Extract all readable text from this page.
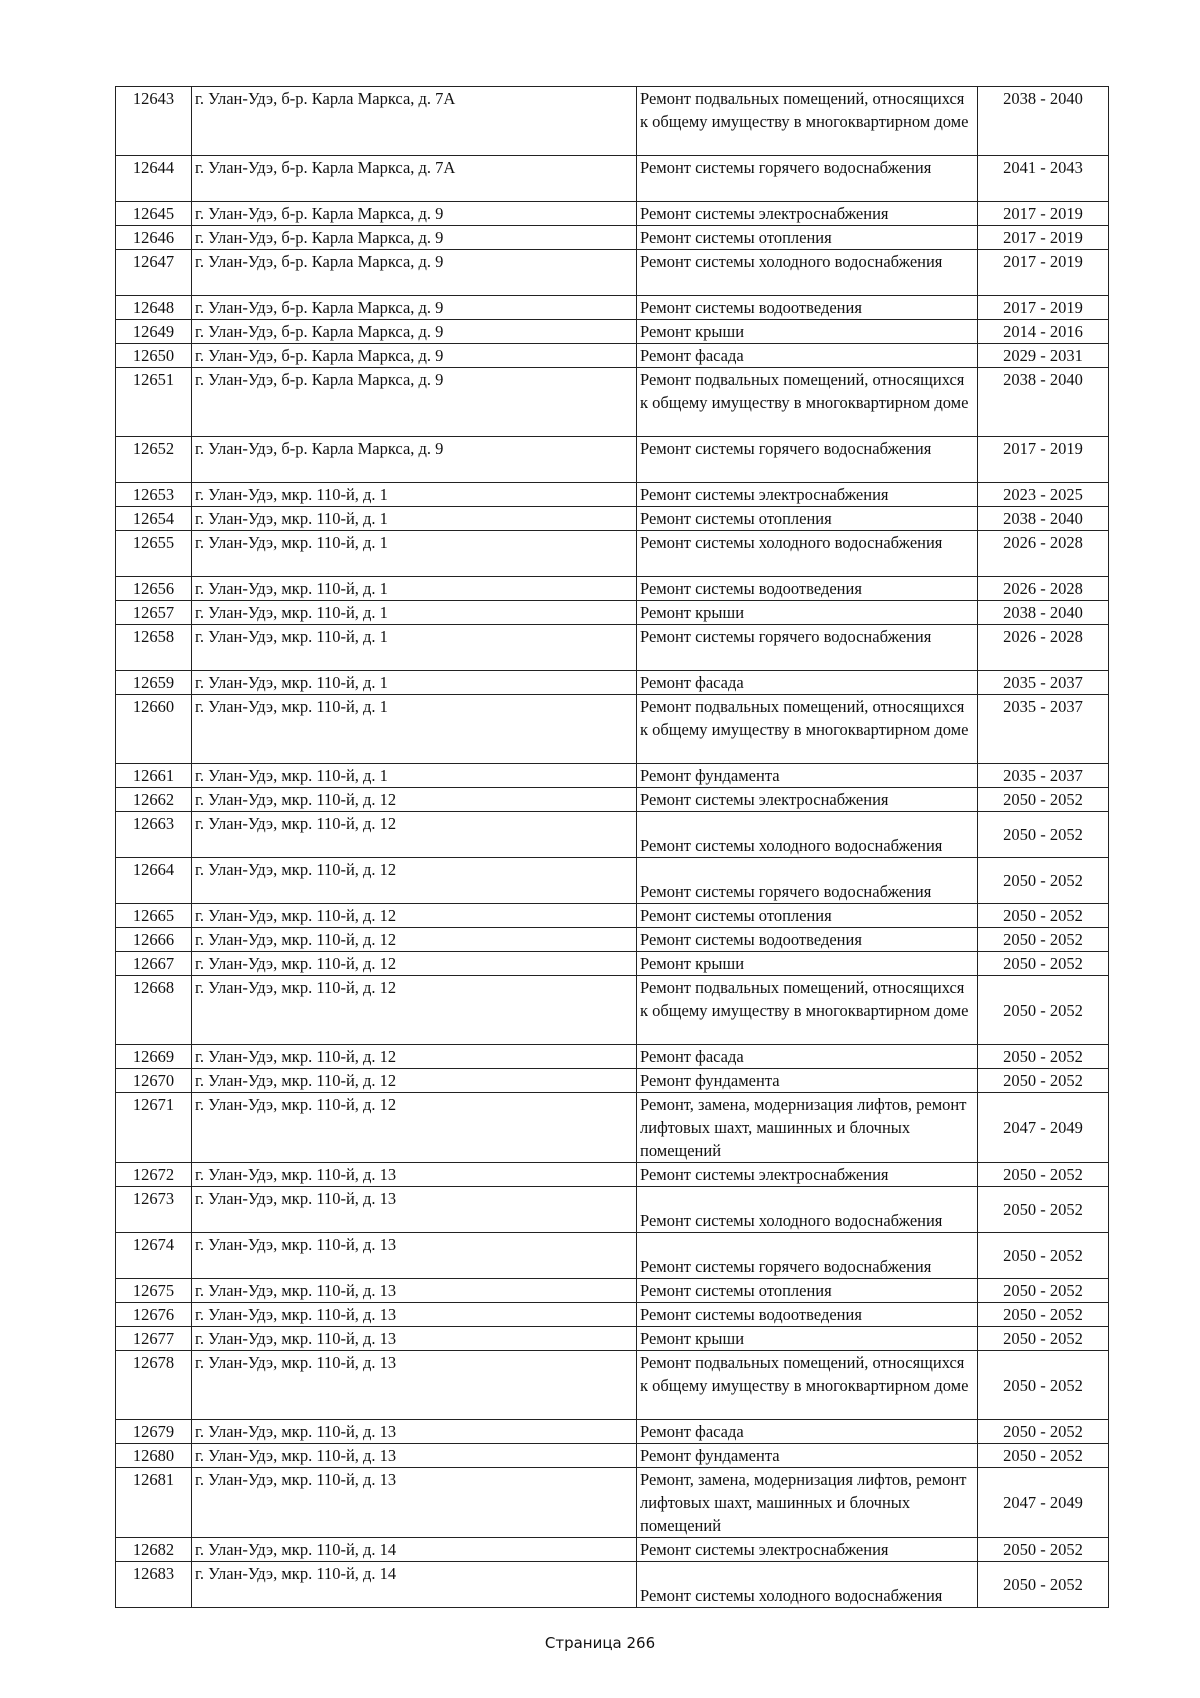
12643	г. Улан-Удэ, б-р. Карла Маркса, д. 7А	Ремонт подвальных помещений, относящихся к общему имуществу в многоквартирном доме	2038 - 2040
12644	г. Улан-Удэ, б-р. Карла Маркса, д. 7А	Ремонт системы горячего водоснабжения	2041 - 2043
12645	г. Улан-Удэ, б-р. Карла Маркса, д. 9	Ремонт системы электроснабжения	2017 - 2019
12646	г. Улан-Удэ, б-р. Карла Маркса, д. 9	Ремонт системы отопления	2017 - 2019
12647	г. Улан-Удэ, б-р. Карла Маркса, д. 9	Ремонт системы холодного водоснабжения	2017 - 2019
12648	г. Улан-Удэ, б-р. Карла Маркса, д. 9	Ремонт системы водоотведения	2017 - 2019
12649	г. Улан-Удэ, б-р. Карла Маркса, д. 9	Ремонт крыши	2014 - 2016
12650	г. Улан-Удэ, б-р. Карла Маркса, д. 9	Ремонт фасада	2029 - 2031
12651	г. Улан-Удэ, б-р. Карла Маркса, д. 9	Ремонт подвальных помещений, относящихся к общему имуществу в многоквартирном доме	2038 - 2040
12652	г. Улан-Удэ, б-р. Карла Маркса, д. 9	Ремонт системы горячего водоснабжения	2017 - 2019
12653	г. Улан-Удэ, мкр. 110-й, д. 1	Ремонт системы электроснабжения	2023 - 2025
12654	г. Улан-Удэ, мкр. 110-й, д. 1	Ремонт системы отопления	2038 - 2040
12655	г. Улан-Удэ, мкр. 110-й, д. 1	Ремонт системы холодного водоснабжения	2026 - 2028
12656	г. Улан-Удэ, мкр. 110-й, д. 1	Ремонт системы водоотведения	2026 - 2028
12657	г. Улан-Удэ, мкр. 110-й, д. 1	Ремонт крыши	2038 - 2040
12658	г. Улан-Удэ, мкр. 110-й, д. 1	Ремонт системы горячего водоснабжения	2026 - 2028
12659	г. Улан-Удэ, мкр. 110-й, д. 1	Ремонт фасада	2035 - 2037
12660	г. Улан-Удэ, мкр. 110-й, д. 1	Ремонт подвальных помещений, относящихся к общему имуществу в многоквартирном доме	2035 - 2037
12661	г. Улан-Удэ, мкр. 110-й, д. 1	Ремонт фундамента	2035 - 2037
12662	г. Улан-Удэ, мкр. 110-й, д. 12	Ремонт системы электроснабжения	2050 - 2052
12663	г. Улан-Удэ, мкр. 110-й, д. 12	Ремонт системы холодного водоснабжения	2050 - 2052
12664	г. Улан-Удэ, мкр. 110-й, д. 12	Ремонт системы горячего водоснабжения	2050 - 2052
12665	г. Улан-Удэ, мкр. 110-й, д. 12	Ремонт системы отопления	2050 - 2052
12666	г. Улан-Удэ, мкр. 110-й, д. 12	Ремонт системы водоотведения	2050 - 2052
12667	г. Улан-Удэ, мкр. 110-й, д. 12	Ремонт крыши	2050 - 2052
12668	г. Улан-Удэ, мкр. 110-й, д. 12	Ремонт подвальных помещений, относящихся к общему имуществу в многоквартирном доме	2050 - 2052
12669	г. Улан-Удэ, мкр. 110-й, д. 12	Ремонт фасада	2050 - 2052
12670	г. Улан-Удэ, мкр. 110-й, д. 12	Ремонт фундамента	2050 - 2052
12671	г. Улан-Удэ, мкр. 110-й, д. 12	Ремонт, замена, модернизация лифтов, ремонт лифтовых шахт, машинных и блочных помещений	2047 - 2049
12672	г. Улан-Удэ, мкр. 110-й, д. 13	Ремонт системы электроснабжения	2050 - 2052
12673	г. Улан-Удэ, мкр. 110-й, д. 13	Ремонт системы холодного водоснабжения	2050 - 2052
12674	г. Улан-Удэ, мкр. 110-й, д. 13	Ремонт системы горячего водоснабжения	2050 - 2052
12675	г. Улан-Удэ, мкр. 110-й, д. 13	Ремонт системы отопления	2050 - 2052
12676	г. Улан-Удэ, мкр. 110-й, д. 13	Ремонт системы водоотведения	2050 - 2052
12677	г. Улан-Удэ, мкр. 110-й, д. 13	Ремонт крыши	2050 - 2052
12678	г. Улан-Удэ, мкр. 110-й, д. 13	Ремонт подвальных помещений, относящихся к общему имуществу в многоквартирном доме	2050 - 2052
12679	г. Улан-Удэ, мкр. 110-й, д. 13	Ремонт фасада	2050 - 2052
12680	г. Улан-Удэ, мкр. 110-й, д. 13	Ремонт фундамента	2050 - 2052
12681	г. Улан-Удэ, мкр. 110-й, д. 13	Ремонт, замена, модернизация лифтов, ремонт лифтовых шахт, машинных и блочных помещений	2047 - 2049
12682	г. Улан-Удэ, мкр. 110-й, д. 14	Ремонт системы электроснабжения	2050 - 2052
12683	г. Улан-Удэ, мкр. 110-й, д. 14	Ремонт системы холодного водоснабжения	2050 - 2052
Страница 266
